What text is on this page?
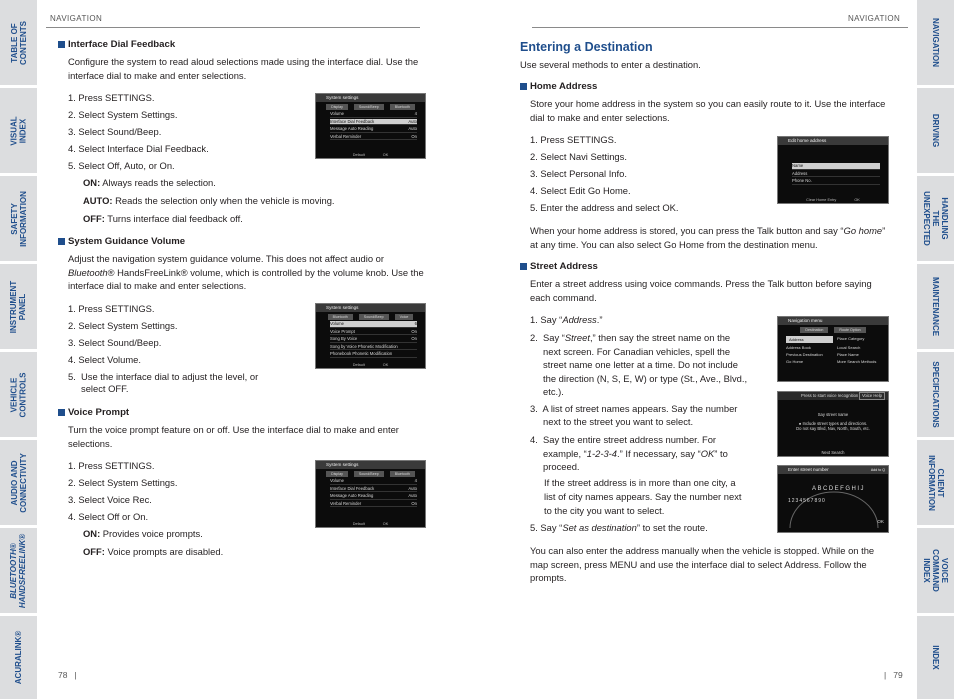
TABLE OF
CONTENTS
VISUAL INDEX
SAFETY
INFORMATION
INSTRUMENT
PANEL
VEHICLE
CONTROLS
AUDIO AND
CONNECTIVITY
BLUETOOTH®
HANDSFREELINK®
ACURALINK®
NAVIGATION
DRIVING
HANDLING THE
UNEXPECTED
MAINTENANCE
SPECIFICATIONS
CLIENT
INFORMATION
VOICE COMMAND
INDEX
INDEX
NAVIGATION
Interface Dial Feedback
Configure the system to read aloud selections made using the interface dial. Use the interface dial to make and enter selections.
1. Press SETTINGS.
2. Select System Settings.
3. Select Sound/Beep.
4. Select Interface Dial Feedback.
5. Select Off, Auto, or On.
ON: Always reads the selection.
AUTO: Reads the selection only when the vehicle is moving.
OFF: Turns interface dial feedback off.
System Guidance Volume
Adjust the navigation system guidance volume. This does not affect audio or Bluetooth® HandsFreeLink® volume, which is controlled by the volume knob. Use the interface dial to make and enter selections.
1. Press SETTINGS.
2. Select System Settings.
3. Select Sound/Beep.
4. Select Volume.
5.  Use the interface dial to adjust the level, or
select OFF.
Voice Prompt
Turn the voice prompt feature on or off. Use the interface dial to make and enter selections.
1. Press SETTINGS.
2. Select System Settings.
3. Select Voice Rec.
4. Select Off or On.
ON: Provides voice prompts.
OFF: Voice prompts are disabled.
System settings
Display	Sound/Beep	Bluetooth
Volume	4
Interface Dial Feedback	Auto
Message Auto Reading	Auto
Verbal Reminder	On
Default	OK
System settings
Bluetooth	Sound/Beep	Voice
Volume	6
Voice Prompt	On
Song By Voice	On
Song by Voice Phonetic Modification
Phonebook Phonetic Modification
Default	OK
System settings
Display	Sound/Beep	Bluetooth
Volume	4
Interface Dial Feedback	Auto
Message Auto Reading	Auto
Verbal Reminder	On
Default	OK
78   |
NAVIGATION
Entering a Destination
Use several methods to enter a destination.
Home Address
Store your home address in the system so you can easily route to it. Use the interface dial to make and enter selections.
1. Press SETTINGS.
2. Select Navi Settings.
3. Select Personal Info.
4. Select Edit Go Home.
5. Enter the address and select OK.
When your home address is stored, you can press the Talk button and say “Go home” at any time. You can also select Go Home from the destination menu.
Street Address
Enter a street address using voice commands. Press the Talk button before saying each command.
1. Say “Address.”
2.  Say “Street,” then say the street name on the
next screen. For Canadian vehicles, spell the
street name one letter at a time. Do not include
the direction (N, S, E, W) or type (St., Ave., Blvd.,
etc.).
3.  A list of street names appears. Say the number
next to the street you want to select.
4.  Say the entire street address number. For
example, “1-2-3-4.” If necessary, say “OK” to
proceed.
If the street address is in more than one city, a
list of city names appears. Say the number next
to the city you want to select.
5. Say “Set as destination” to set the route.
You can also enter the address manually when the vehicle is stopped. While on the map screen, press MENU and use the interface dial to select Address. Follow the prompts.
Edit home address
Name
Address
Phone No.
Clear Home Entry	OK
Navigation menu
Destination	Route Option
Address	Place Category
Address Book	Local Search
Previous Destination	Place Name
Go Home	More Search Methods
Press to start voice recognition Voice Help
Say street name
● Include street types and directions.
Do not say Blvd, Nav, North, South, etc.
Next Search
Enter street number	Add to Q
ABCDEFGHIJ
1234567890
OK
|   79
